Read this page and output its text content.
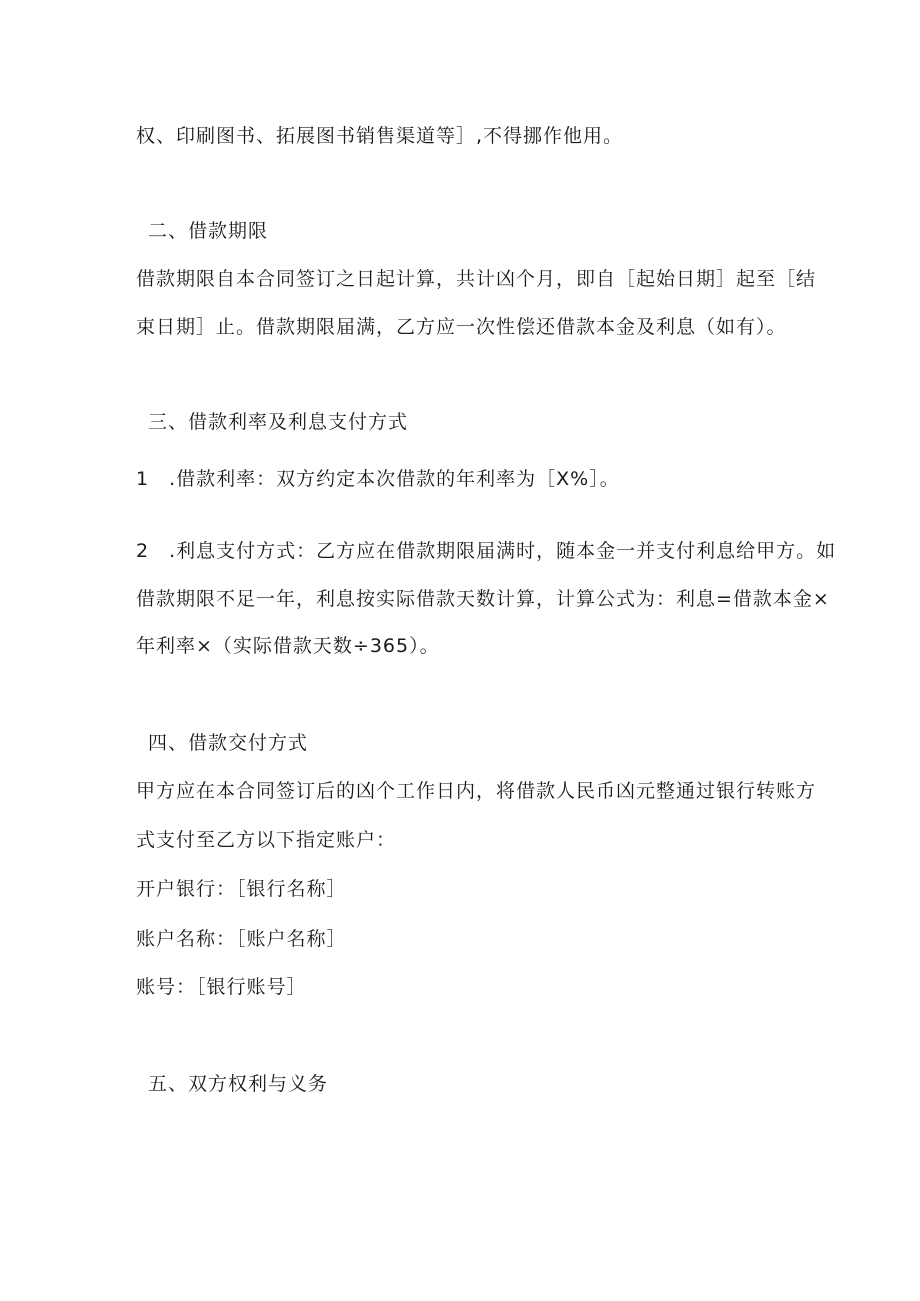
权、印刷图书、拓展图书销售渠道等］,不得挪作他用。
二、借款期限
借款期限自本合同签订之日起计算，共计凶个月，即自［起始日期］起至［结
束日期］止。借款期限届满，乙方应一次性偿还借款本金及利息（如有）。
三、借款利率及利息支付方式
1　.借款利率：双方约定本次借款的年利率为［X%］。
2　.利息支付方式：乙方应在借款期限届满时，随本金一并支付利息给甲方。如
借款期限不足一年，利息按实际借款天数计算，计算公式为：利息=借款本金×
年利率×（实际借款天数÷365）。
四、借款交付方式
甲方应在本合同签订后的凶个工作日内，将借款人民币凶元整通过银行转账方
式支付至乙方以下指定账户：
开户银行：［银行名称］
账户名称：［账户名称］
账号：［银行账号］
五、双方权利与义务
